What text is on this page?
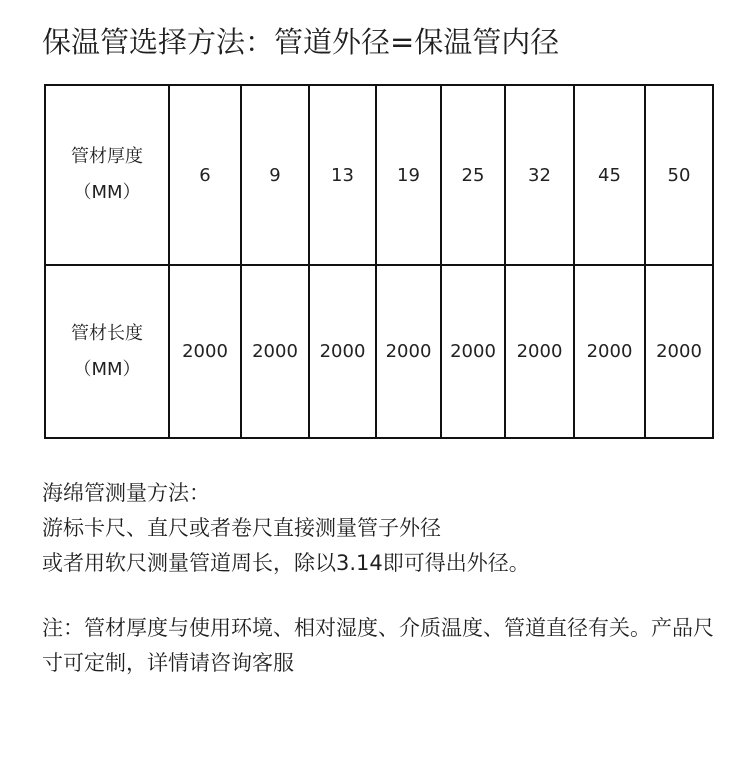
保温管选择方法：管道外径=保温管内径
管材厚度
（MM）	6	9	13	19	25	32	45	50

管材长度
（MM）	2000	2000	2000	2000	2000	2000	2000	2000
海绵管测量方法：
游标卡尺、直尺或者卷尺直接测量管子外径
或者用软尺测量管道周长，除以3.14即可得出外径。
注：管材厚度与使用环境、相对湿度、介质温度、管道直径有关。产品尺寸可定制，详情请咨询客服
